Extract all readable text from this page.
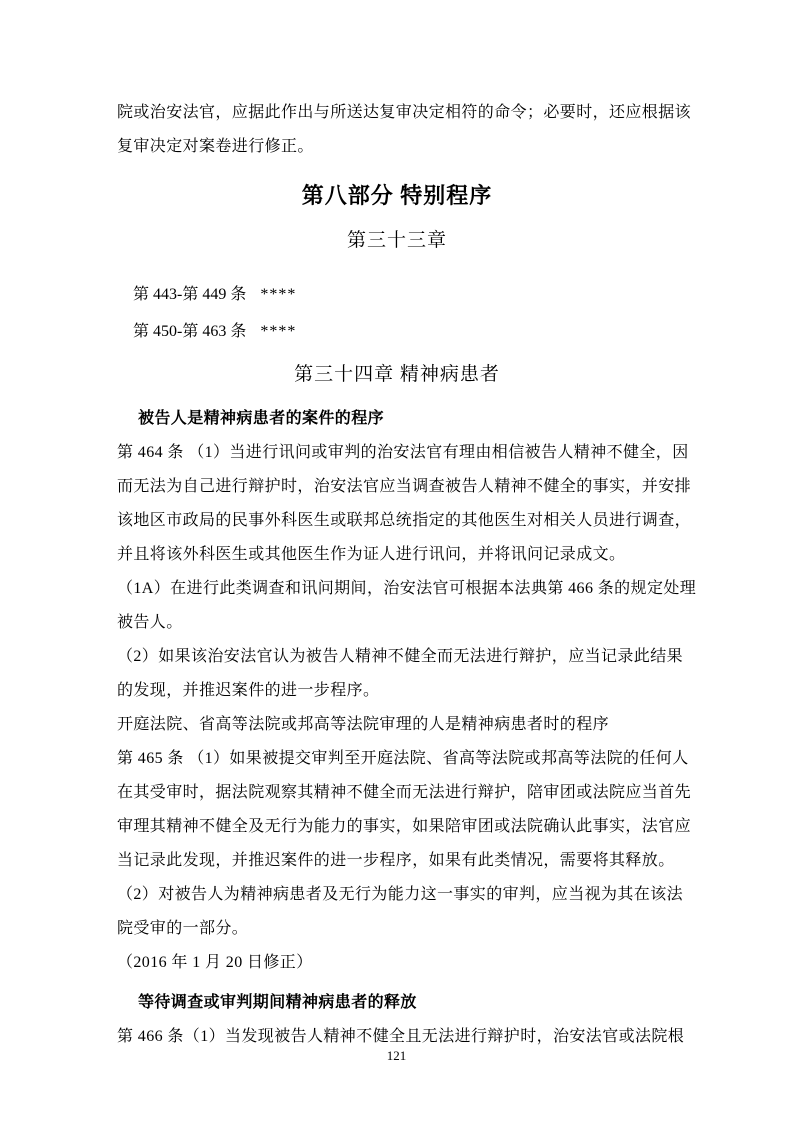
院或治安法官，应据此作出与所送达复审决定相符的命令；必要时，还应根据该
复审决定对案卷进行修正。
第八部分 特别程序
第三十三章
第 443-第 449 条 ****
第 450-第 463 条 ****
第三十四章 精神病患者
被告人是精神病患者的案件的程序
第 464 条 （1）当进行讯问或审判的治安法官有理由相信被告人精神不健全，因
而无法为自己进行辩护时，治安法官应当调查被告人精神不健全的事实，并安排
该地区市政局的民事外科医生或联邦总统指定的其他医生对相关人员进行调查，
并且将该外科医生或其他医生作为证人进行讯问，并将讯问记录成文。
（1A）在进行此类调查和讯问期间，治安法官可根据本法典第 466 条的规定处理
被告人。
（2）如果该治安法官认为被告人精神不健全而无法进行辩护，应当记录此结果
的发现，并推迟案件的进一步程序。
开庭法院、省高等法院或邦高等法院审理的人是精神病患者时的程序
第 465 条 （1）如果被提交审判至开庭法院、省高等法院或邦高等法院的任何人
在其受审时，据法院观察其精神不健全而无法进行辩护，陪审团或法院应当首先
审理其精神不健全及无行为能力的事实，如果陪审团或法院确认此事实，法官应
当记录此发现，并推迟案件的进一步程序，如果有此类情况，需要将其释放。
（2）对被告人为精神病患者及无行为能力这一事实的审判，应当视为其在该法
院受审的一部分。
（2016 年 1 月 20 日修正）
等待调查或审判期间精神病患者的释放
第 466 条（1）当发现被告人精神不健全且无法进行辩护时，治安法官或法院根
121
